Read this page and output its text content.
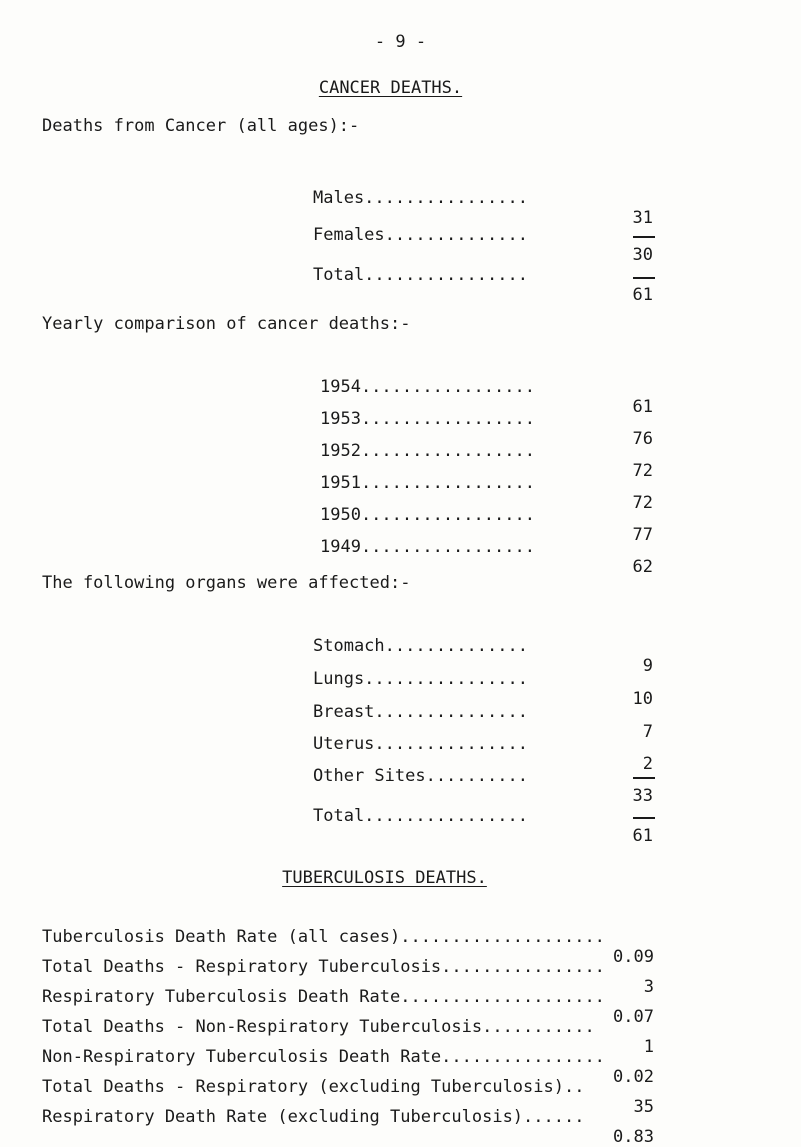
- 9 -
CANCER DEATHS.
Deaths from Cancer (all ages):-

Males................

31

Females..............

30

Total................

61

Yearly comparison of cancer deaths:-

1954.................

61

1953.................

76

1952.................

72

1951.................

72

1950.................

77

1949.................

62

The following organs were affected:-

Stomach..............

9

Lungs................

10

Breast...............

7

Uterus...............

2

Other Sites..........

33

Total................

61

TUBERCULOSIS DEATHS.

Tuberculosis Death Rate (all cases)....................

0.09

Total Deaths - Respiratory Tuberculosis................

3

Respiratory Tuberculosis Death Rate....................

0.07

Total Deaths - Non-Respiratory Tuberculosis...........

1

Non-Respiratory Tuberculosis Death Rate................

0.02

Total Deaths - Respiratory (excluding Tuberculosis)..

35

Respiratory Death Rate (excluding Tuberculosis)......

0.83
